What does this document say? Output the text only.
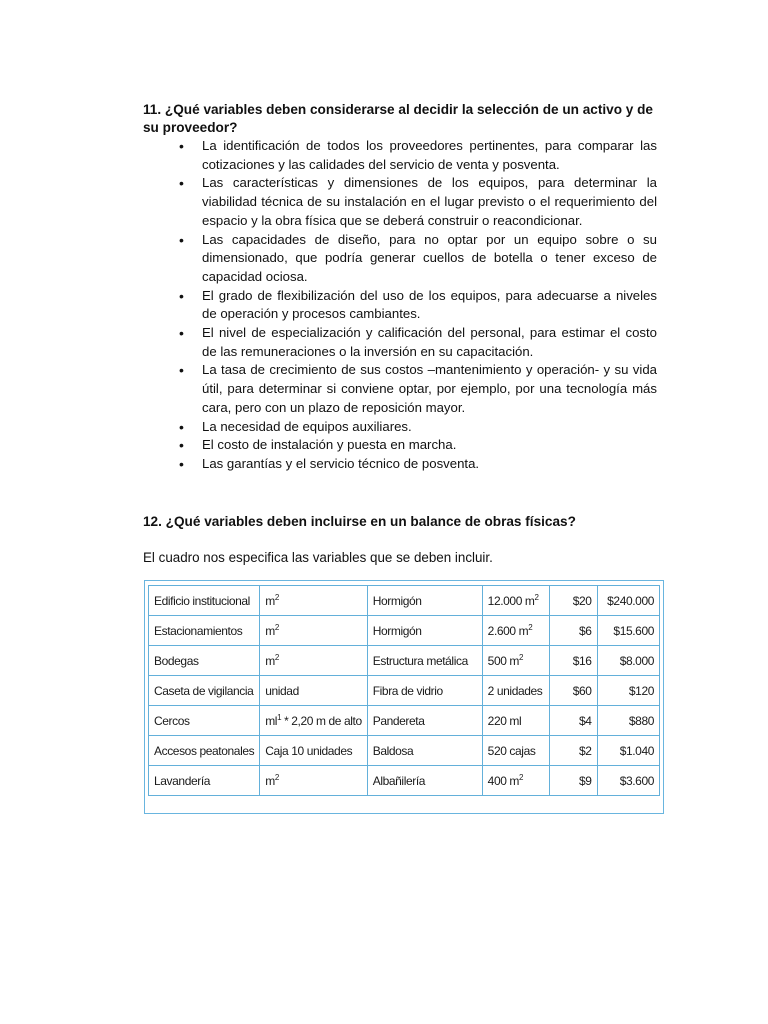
11. ¿Qué variables deben considerarse al decidir la selección de un activo y de su proveedor?

• La identificación de todos los proveedores pertinentes, para comparar las cotizaciones y las calidades del servicio de venta y posventa.
• Las características y dimensiones de los equipos, para determinar la viabilidad técnica de su instalación en el lugar previsto o el requerimiento del espacio y la obra física que se deberá construir o reacondicionar.
• Las capacidades de diseño, para no optar por un equipo sobre o su dimensionado, que podría generar cuellos de botella o tener exceso de capacidad ociosa.
• El grado de flexibilización del uso de los equipos, para adecuarse a niveles de operación y procesos cambiantes.
• El nivel de especialización y calificación del personal, para estimar el costo de las remuneraciones o la inversión en su capacitación.
• La tasa de crecimiento de sus costos –mantenimiento y operación- y su vida útil, para determinar si conviene optar, por ejemplo, por una tecnología más cara, pero con un plazo de reposición mayor.
• La necesidad de equipos auxiliares.
• El costo de instalación y puesta en marcha.
• Las garantías y el servicio técnico de posventa.

12. ¿Qué variables deben incluirse en un balance de obras físicas?

El cuadro nos especifica las variables que se deben incluir.

Edificio institucional	$m^2$	Hormigón	12.000 $m^2$	$20	$240.000
Estacionamientos	$m^2$	Hormigón	2.600 $m^2$	$6	$15.600
Bodegas	$m^2$	Estructura metálica	500 $m^2$	$16	$8.000
Caseta de vigilancia	unidad	Fibra de vidrio	2 unidades	$60	$120
Cercos	$ml^1 * 2,20$ m de alto	Pandereta	220 ml	$4	$880
Accesos peatonales	Caja 10 unidades	Baldosa	520 cajas	$2	$1.040
Lavandería	$m^2$	Albañilería	400 $m^2$	$9	$3.600
